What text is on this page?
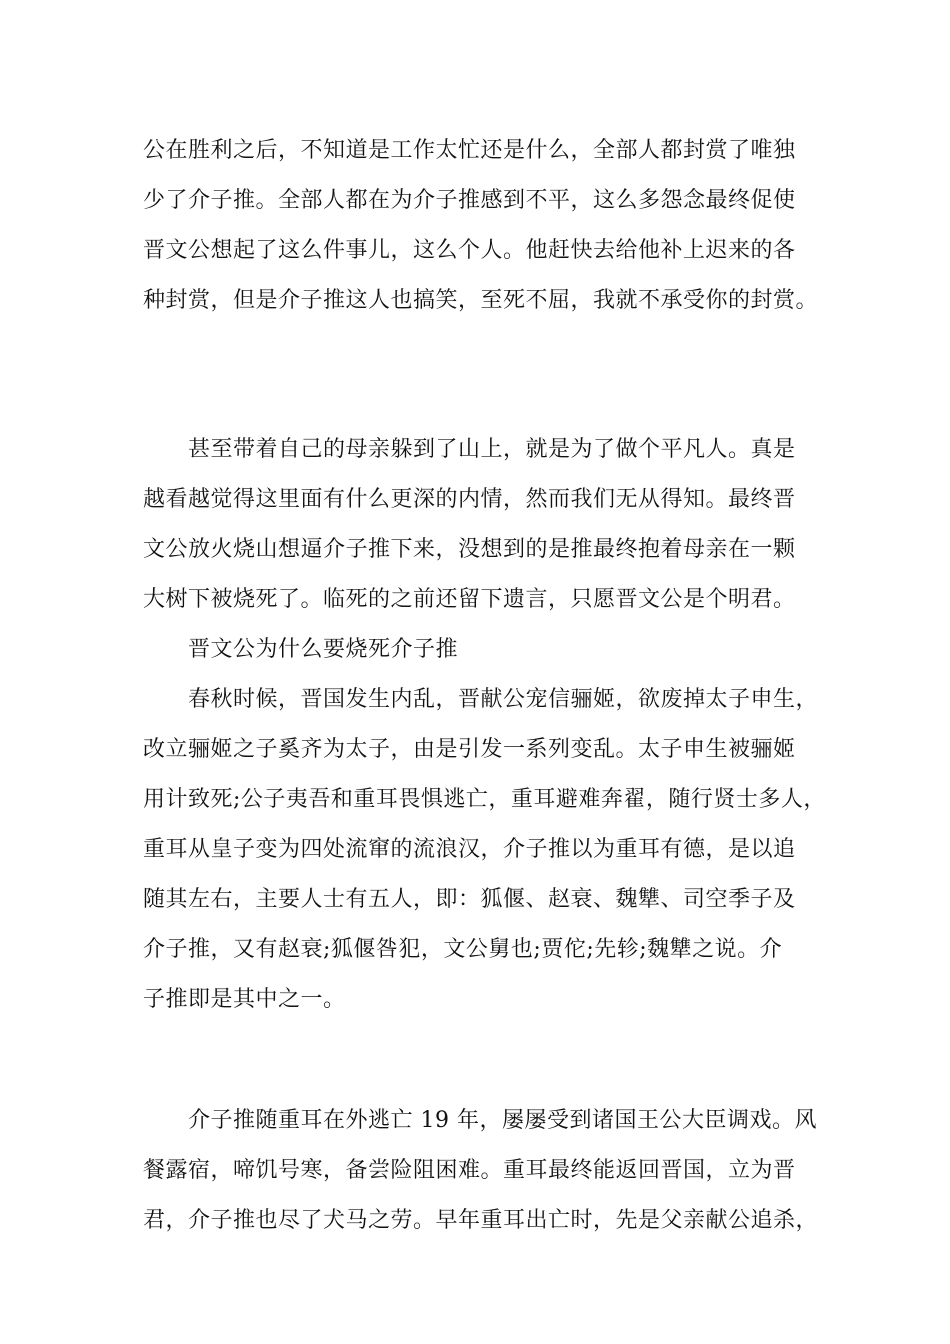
公在胜利之后，不知道是工作太忙还是什么，全部人都封赏了唯独
少了介子推。全部人都在为介子推感到不平，这么多怨念最终促使
晋文公想起了这么件事儿，这么个人。他赶快去给他补上迟来的各
种封赏，但是介子推这人也搞笑，至死不屈，我就不承受你的封赏。
甚至带着自己的母亲躲到了山上，就是为了做个平凡人。真是
越看越觉得这里面有什么更深的内情，然而我们无从得知。最终晋
文公放火烧山想逼介子推下来，没想到的是推最终抱着母亲在一颗
大树下被烧死了。临死的之前还留下遗言，只愿晋文公是个明君。
晋文公为什么要烧死介子推
春秋时候，晋国发生内乱，晋献公宠信骊姬，欲废掉太子申生，
改立骊姬之子奚齐为太子，由是引发一系列变乱。太子申生被骊姬
用计致死;公子夷吾和重耳畏惧逃亡，重耳避难奔翟，随行贤士多人，
重耳从皇子变为四处流窜的流浪汉，介子推以为重耳有德，是以追
随其左右，主要人士有五人，即：狐偃、赵衰、魏犨、司空季子及
介子推，又有赵衰;狐偃咎犯，文公舅也;贾佗;先轸;魏犨之说。介
子推即是其中之一。
介子推随重耳在外逃亡 19 年，屡屡受到诸国王公大臣调戏。风
餐露宿，啼饥号寒，备尝险阻困难。重耳最终能返回晋国，立为晋
君，介子推也尽了犬马之劳。早年重耳出亡时，先是父亲献公追杀，
